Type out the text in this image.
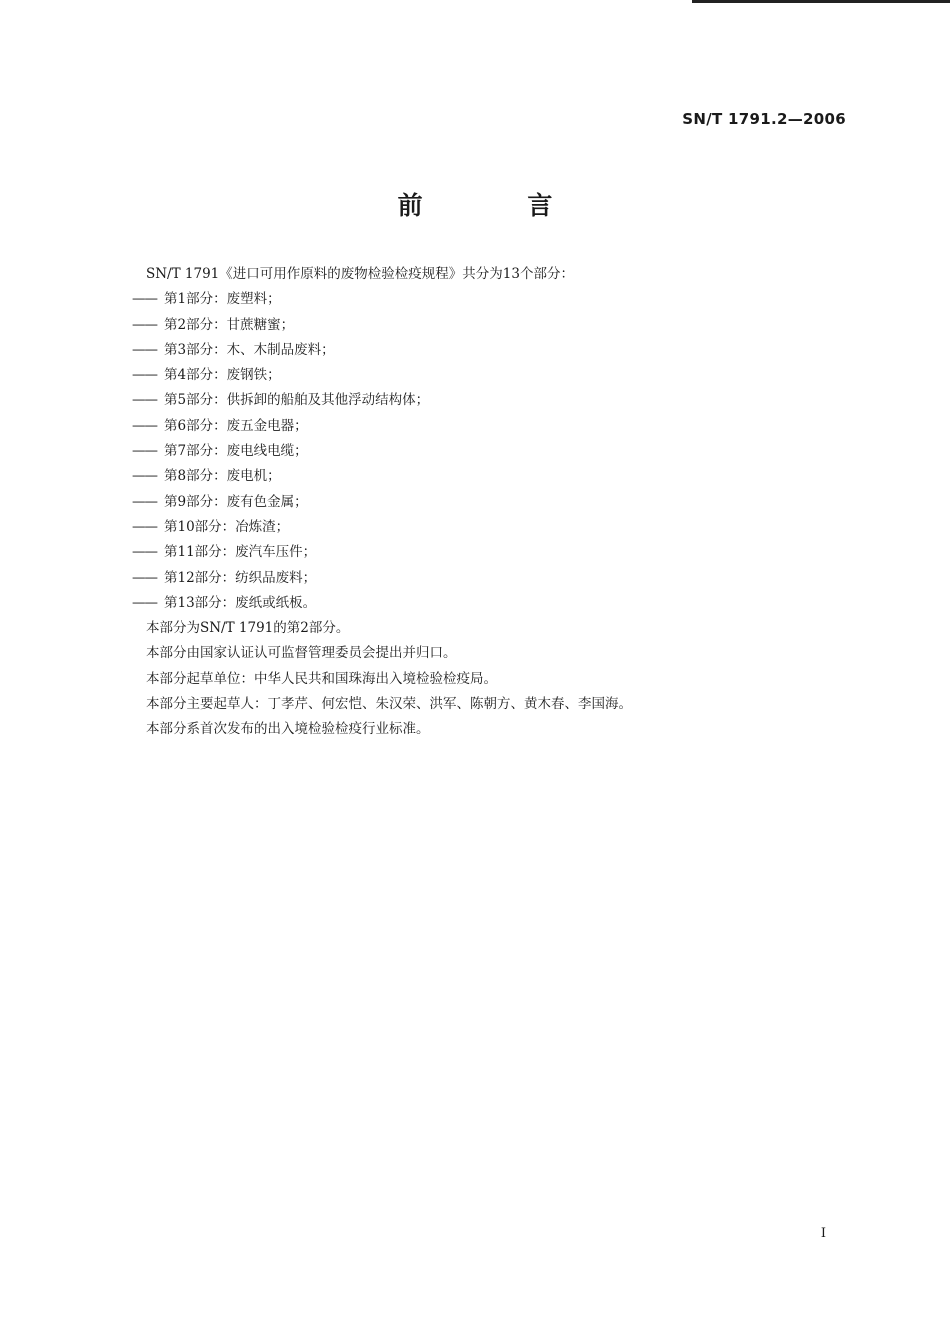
SN/T 1791.2—2006
前 言
SN/T 1791《进口可用作原料的废物检验检疫规程》共分为13个部分：
—— 第1部分：废塑料；
—— 第2部分：甘蔗糖蜜；
—— 第3部分：木、木制品废料；
—— 第4部分：废钢铁；
—— 第5部分：供拆卸的船舶及其他浮动结构体；
—— 第6部分：废五金电器；
—— 第7部分：废电线电缆；
—— 第8部分：废电机；
—— 第9部分：废有色金属；
—— 第10部分：冶炼渣；
—— 第11部分：废汽车压件；
—— 第12部分：纺织品废料；
—— 第13部分：废纸或纸板。
本部分为SN/T 1791的第2部分。
本部分由国家认证认可监督管理委员会提出并归口。
本部分起草单位：中华人民共和国珠海出入境检验检疫局。
本部分主要起草人：丁孝芹、何宏恺、朱汉荣、洪军、陈朝方、黄木春、李国海。
本部分系首次发布的出入境检验检疫行业标准。
I
